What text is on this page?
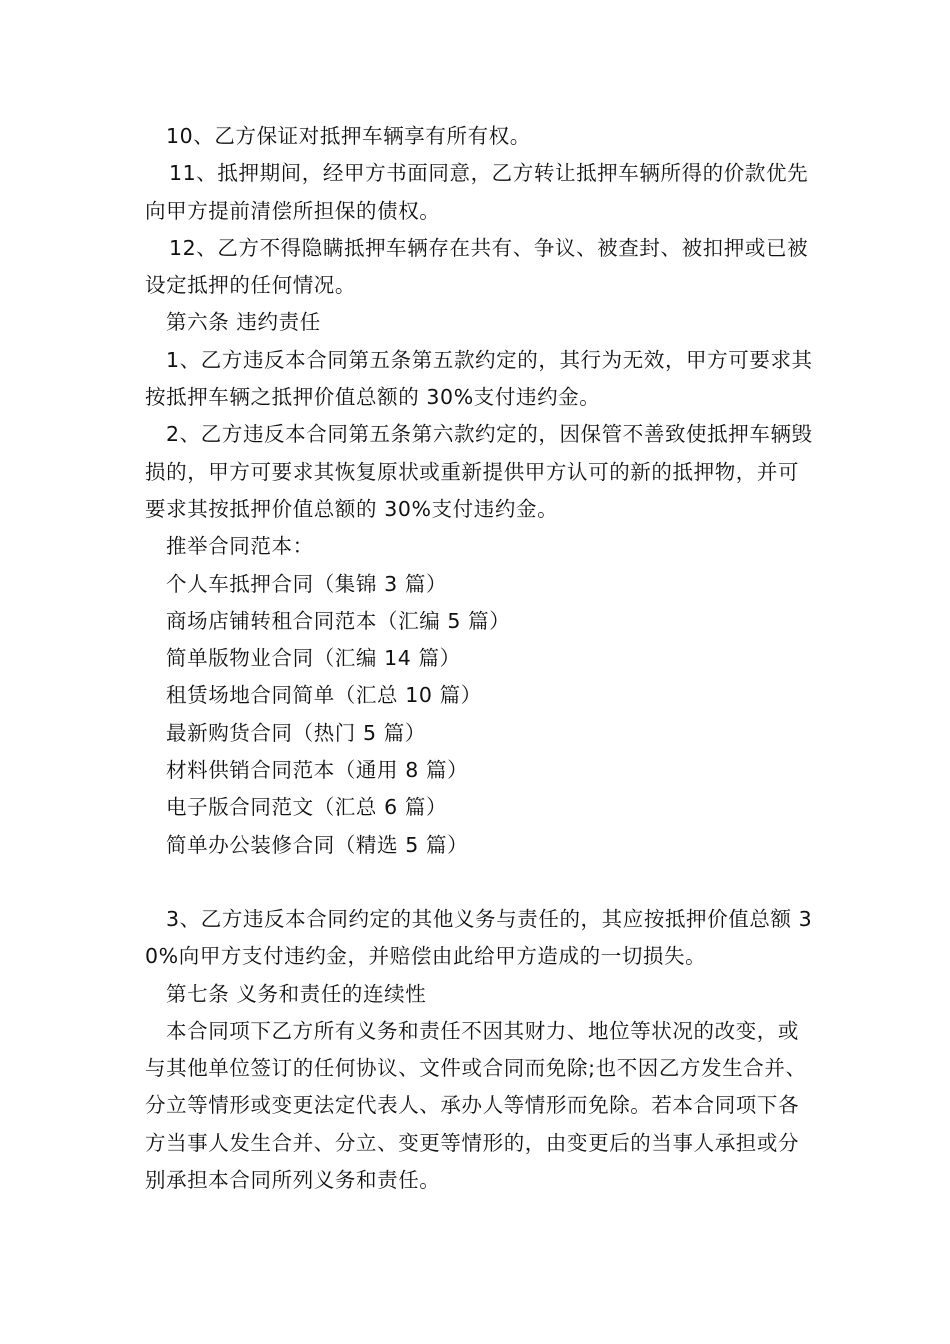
10、乙方保证对抵押车辆享有所有权。

11、抵押期间，经甲方书面同意，乙方转让抵押车辆所得的价款优先向甲方提前清偿所担保的债权。

12、乙方不得隐瞒抵押车辆存在共有、争议、被查封、被扣押或已被设定抵押的任何情况。

第六条 违约责任

1、乙方违反本合同第五条第五款约定的，其行为无效，甲方可要求其按抵押车辆之抵押价值总额的 30%支付违约金。

2、乙方违反本合同第五条第六款约定的，因保管不善致使抵押车辆毁损的，甲方可要求其恢复原状或重新提供甲方认可的新的抵押物，并可要求其按抵押价值总额的 30%支付违约金。

推举合同范本：

个人车抵押合同（集锦 3 篇）

商场店铺转租合同范本（汇编 5 篇）

简单版物业合同（汇编 14 篇）

租赁场地合同简单（汇总 10 篇）

最新购货合同（热门 5 篇）

材料供销合同范本（通用 8 篇）

电子版合同范文（汇总 6 篇）

简单办公装修合同（精选 5 篇）

3、乙方违反本合同约定的其他义务与责任的，其应按抵押价值总额 30%向甲方支付违约金，并赔偿由此给甲方造成的一切损失。

第七条 义务和责任的连续性

本合同项下乙方所有义务和责任不因其财力、地位等状况的改变，或与其他单位签订的任何协议、文件或合同而免除;也不因乙方发生合并、分立等情形或变更法定代表人、承办人等情形而免除。若本合同项下各方当事人发生合并、分立、变更等情形的，由变更后的当事人承担或分别承担本合同所列义务和责任。
